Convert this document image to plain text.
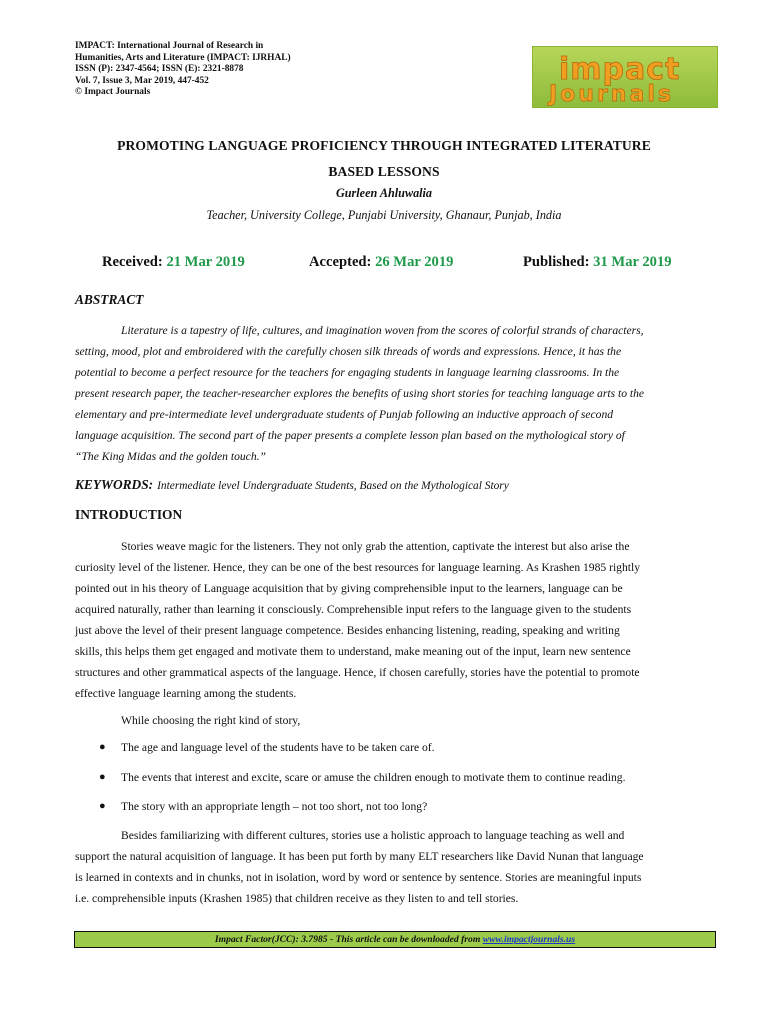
IMPACT: International Journal of Research in
Humanities, Arts and Literature (IMPACT: IJRHAL)
ISSN (P): 2347-4564; ISSN (E): 2321-8878
Vol. 7, Issue 3, Mar 2019, 447-452
© Impact Journals
impact
Journals
PROMOTING LANGUAGE PROFICIENCY THROUGH INTEGRATED LITERATURE
BASED LESSONS
Gurleen Ahluwalia
Teacher, University College, Punjabi University, Ghanaur, Punjab, India
Received: 21 Mar 2019	Accepted: 26 Mar 2019	Published: 31 Mar 2019
ABSTRACT
Literature is a tapestry of life, cultures, and imagination woven from the scores of colorful strands of characters,
setting, mood, plot and embroidered with the carefully chosen silk threads of words and expressions. Hence, it has the
potential to become a perfect resource for the teachers for engaging students in language learning classrooms. In the
present research paper, the teacher-researcher explores the benefits of using short stories for teaching language arts to the
elementary and pre-intermediate level undergraduate students of Punjab following an inductive approach of second
language acquisition. The second part of the paper presents a complete lesson plan based on the mythological story of
“The King Midas and the golden touch.”
KEYWORDS: Intermediate level Undergraduate Students, Based on the Mythological Story
INTRODUCTION
Stories weave magic for the listeners. They not only grab the attention, captivate the interest but also arise the
curiosity level of the listener. Hence, they can be one of the best resources for language learning. As Krashen 1985 rightly
pointed out in his theory of Language acquisition that by giving comprehensible input to the learners, language can be
acquired naturally, rather than learning it consciously. Comprehensible input refers to the language given to the students
just above the level of their present language competence. Besides enhancing listening, reading, speaking and writing
skills, this helps them get engaged and motivate them to understand, make meaning out of the input, learn new sentence
structures and other grammatical aspects of the language. Hence, if chosen carefully, stories have the potential to promote
effective language learning among the students.
While choosing the right kind of story,
● The age and language level of the students have to be taken care of.
● The events that interest and excite, scare or amuse the children enough to motivate them to continue reading.
● The story with an appropriate length – not too short, not too long?
Besides familiarizing with different cultures, stories use a holistic approach to language teaching as well and
support the natural acquisition of language. It has been put forth by many ELT researchers like David Nunan that language
is learned in contexts and in chunks, not in isolation, word by word or sentence by sentence. Stories are meaningful inputs
i.e. comprehensible inputs (Krashen 1985) that children receive as they listen to and tell stories.
Impact Factor(JCC): 3.7985 - This article can be downloaded from www.impactjournals.us
